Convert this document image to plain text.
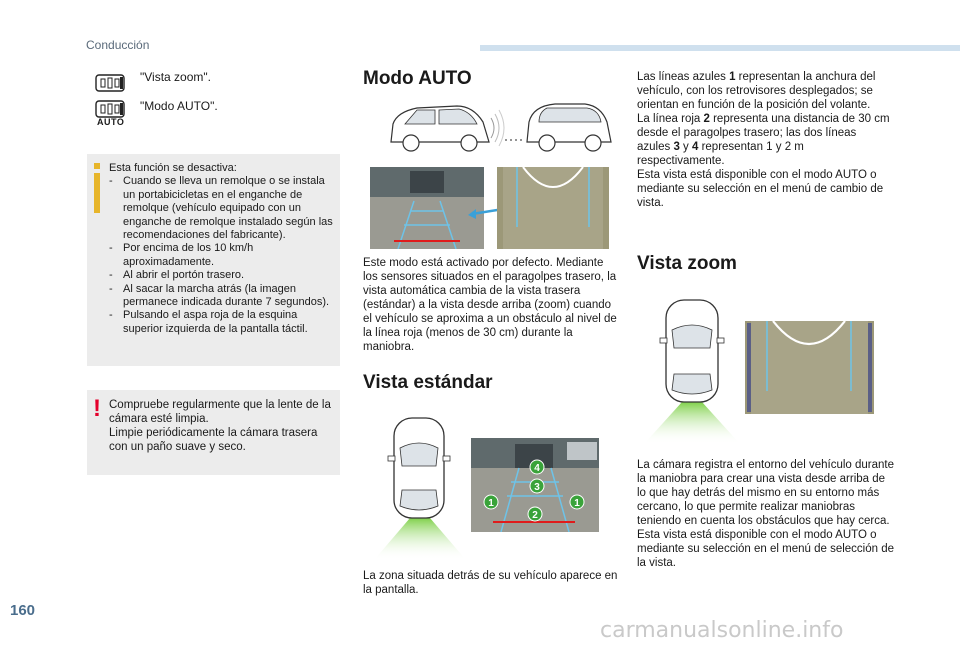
Conducción
"Vista zoom".
AUTO
"Modo AUTO".

Esta función se desactiva:

- Cuando se lleva un remolque o se instala un portabicicletas en el enganche de remolque (vehículo equipado con un enganche de remolque instalado según las recomendaciones del fabricante).

- Por encima de los 10 km/h aproximadamente.

- Al abrir el portón trasero.

- Al sacar la marcha atrás (la imagen permanece indicada durante 7 segundos).

- Pulsando el aspa roja de la esquina superior izquierda de la pantalla táctil.

! Compruebe regularmente que la lente de la cámara esté limpia.

Limpie periódicamente la cámara trasera con un paño suave y seco.

Modo AUTO

Este modo está activado por defecto. Mediante los sensores situados en el paragolpes trasero, la vista automática cambia de la vista trasera (estándar) a la vista desde arriba (zoom) cuando el vehículo se aproxima a un obstáculo al nivel de la línea roja (menos de 30 cm) durante la maniobra.

Vista estándar
4
3
1	1
2

La zona situada detrás de su vehículo aparece en la pantalla.

Las líneas azules 1 representan la anchura del vehículo, con los retrovisores desplegados; se orientan en función de la posición del volante.

La línea roja 2 representa una distancia de 30 cm desde el paragolpes trasero; las dos líneas azules 3 y 4 representan 1 y 2 m respectivamente.

Esta vista está disponible con el modo AUTO o mediante su selección en el menú de cambio de vista.

Vista zoom

La cámara registra el entorno del vehículo durante la maniobra para crear una vista desde arriba de lo que hay detrás del mismo en su entorno más cercano, lo que permite realizar maniobras teniendo en cuenta los obstáculos que hay cerca.

Esta vista está disponible con el modo AUTO o mediante su selección en el menú de selección de la vista.

160
carmanualsonline.info
